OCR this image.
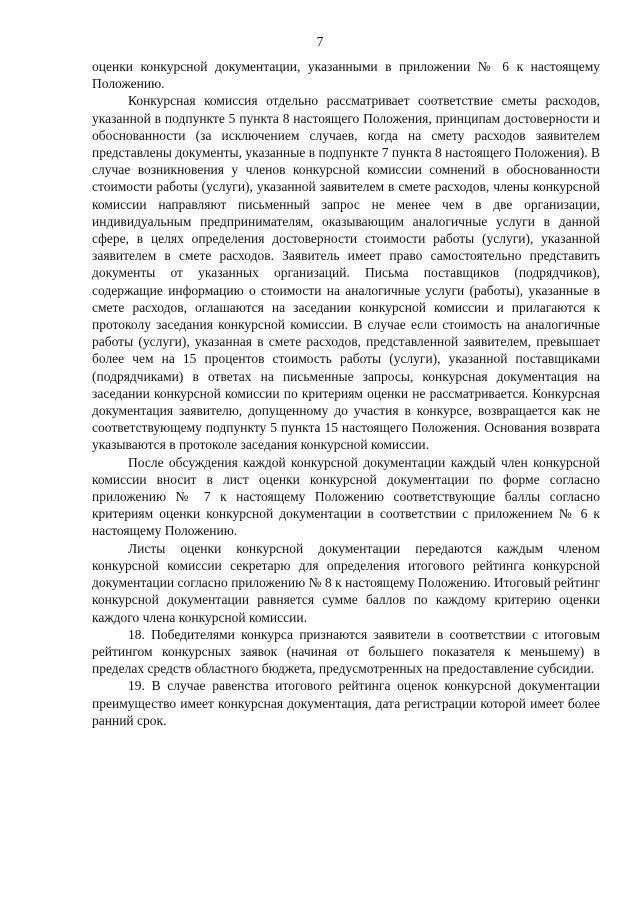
7

оценки конкурсной документации, указанными в приложении № 6 к настоящему Положению.

Конкурсная комиссия отдельно рассматривает соответствие сметы расходов, указанной в подпункте 5 пункта 8 настоящего Положения, принципам достоверности и обоснованности (за исключением случаев, когда на смету расходов заявителем представлены документы, указанные в подпункте 7 пункта 8 настоящего Положения). В случае возникновения у членов конкурсной комиссии сомнений в обоснованности стоимости работы (услуги), указанной заявителем в смете расходов, члены конкурсной комиссии направляют письменный запрос не менее чем в две организации, индивидуальным предпринимателям, оказывающим аналогичные услуги в данной сфере, в целях определения достоверности стоимости работы (услуги), указанной заявителем в смете расходов. Заявитель имеет право самостоятельно представить документы от указанных организаций. Письма поставщиков (подрядчиков), содержащие информацию о стоимости на аналогичные услуги (работы), указанные в смете расходов, оглашаются на заседании конкурсной комиссии и прилагаются к протоколу заседания конкурсной комиссии. В случае если стоимость на аналогичные работы (услуги), указанная в смете расходов, представленной заявителем, превышает более чем на 15 процентов стоимость работы (услуги), указанной поставщиками (подрядчиками) в ответах на письменные запросы, конкурсная документация на заседании конкурсной комиссии по критериям оценки не рассматривается. Конкурсная документация заявителю, допущенному до участия в конкурсе, возвращается как не соответствующему подпункту 5 пункта 15 настоящего Положения. Основания возврата указываются в протоколе заседания конкурсной комиссии.

После обсуждения каждой конкурсной документации каждый член конкурсной комиссии вносит в лист оценки конкурсной документации по форме согласно приложению № 7 к настоящему Положению соответствующие баллы согласно критериям оценки конкурсной документации в соответствии с приложением № 6 к настоящему Положению.

Листы оценки конкурсной документации передаются каждым членом конкурсной комиссии секретарю для определения итогового рейтинга конкурсной документации согласно приложению № 8 к настоящему Положению. Итоговый рейтинг конкурсной документации равняется сумме баллов по каждому критерию оценки каждого члена конкурсной комиссии.

18. Победителями конкурса признаются заявители в соответствии с итоговым рейтингом конкурсных заявок (начиная от большего показателя к меньшему) в пределах средств областного бюджета, предусмотренных на предоставление субсидии.

19. В случае равенства итогового рейтинга оценок конкурсной документации преимущество имеет конкурсная документация, дата регистрации которой имеет более ранний срок.
